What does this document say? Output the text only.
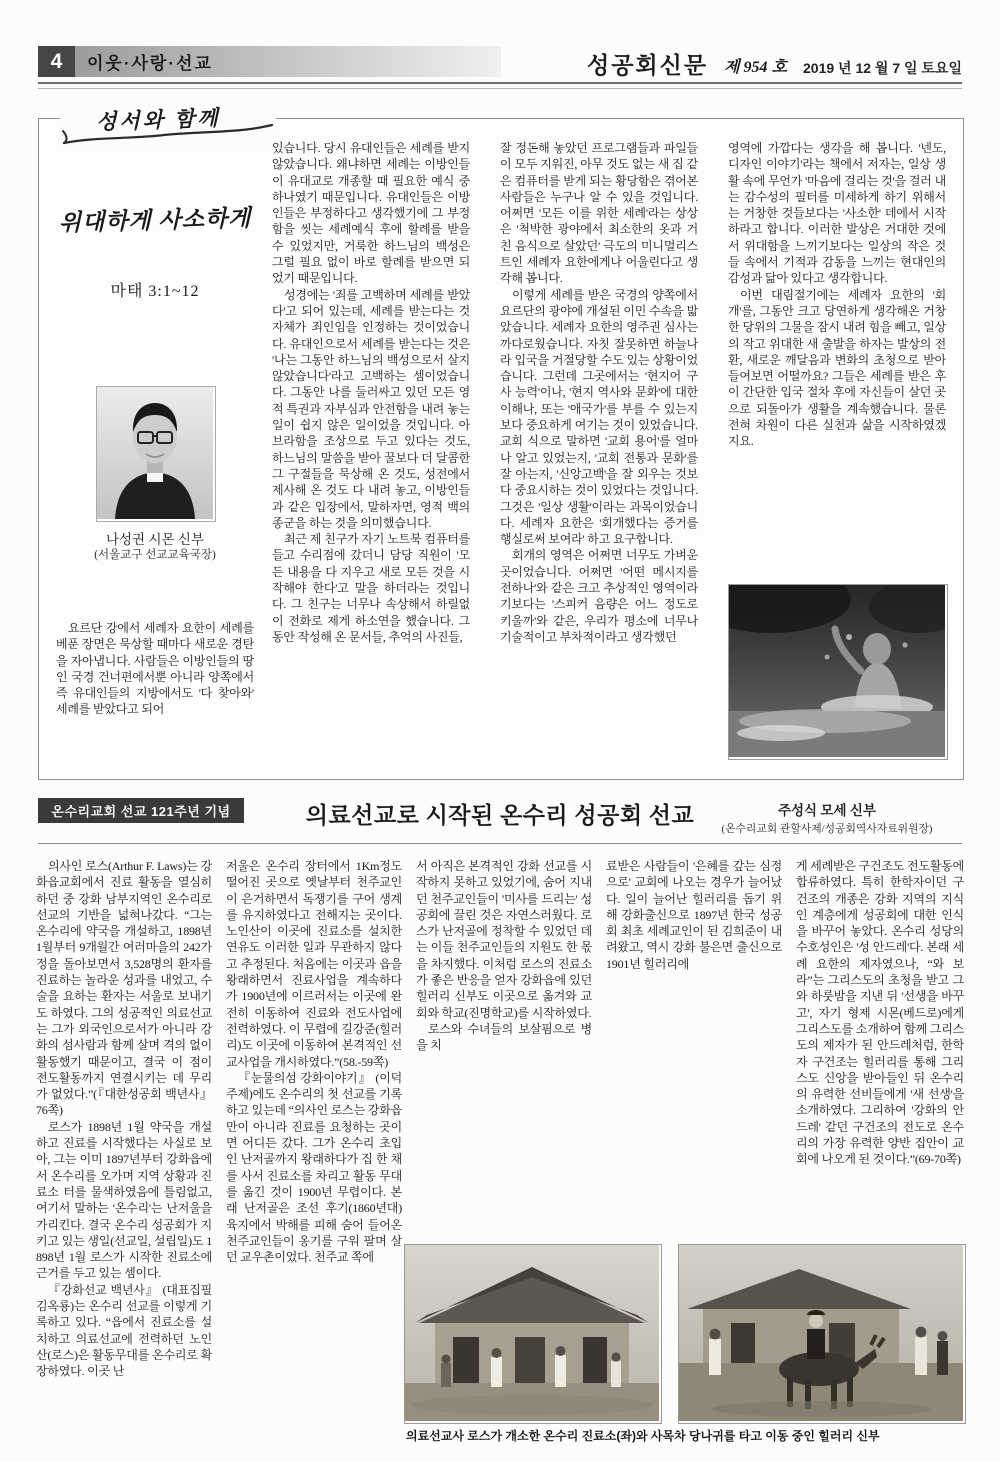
4	이웃·사랑·선교	성공회신문 제 954 호 2019 년 12 월 7 일 토요일
성서와 함께
위대하게 사소하게
마태 3:1~12
나성권 시몬 신부
(서울교구 선교교육국장)

요르단 강에서 세례자 요한이 세례를 베푼 장면은 묵상할 때마다 새로운 경탄을 자아냅니다. 사람들은 이방인들의 땅인 국경 건너편에서뿐 아니라 양쪽에서 즉 유대인들의 지방에서도 '다 찾아와' 세례를 받았다고 되어

있습니다. 당시 유대인들은 세례를 받지 않았습니다. 왜냐하면 세례는 이방인들이 유대교로 개종할 때 필요한 예식 중 하나였기 때문입니다. 유대인들은 이방인들은 부정하다고 생각했기에 그 부정함을 씻는 세례예식 후에 할례를 받을 수 있었지만, 거룩한 하느님의 백성은 그럴 필요 없이 바로 할례를 받으면 되었기 때문입니다.

성경에는 '죄를 고백하며 세례를 받았다'고 되어 있는데, 세례를 받는다는 것 자체가 죄인임을 인정하는 것이었습니다. 유대인으로서 세례를 받는다는 것은 '나는 그동안 하느님의 백성으로서 살지 않았습니다'라고 고백하는 셈이었습니다. 그동안 나를 둘러싸고 있던 모든 영적 특권과 자부심과 안전함을 내려 놓는 일이 쉽지 않은 일이었을 것입니다. 아브라함을 조상으로 두고 있다는 것도, 하느님의 말씀을 받아 꿀보다 더 달콤한 그 구절들을 묵상해 온 것도, 성전에서 제사해 온 것도 다 내려 놓고, 이방인들과 같은 입장에서, 말하자면, 영적 백의종군을 하는 것을 의미했습니다.

최근 제 친구가 자기 노트북 컴퓨터를 들고 수리점에 갔더니 담당 직원이 '모든 내용을 다 지우고 새로 모든 것을 시작해야 한다'고 말을 하더라는 것입니다. 그 친구는 너무나 속상해서 하릴없이 전화로 제게 하소연을 했습니다. 그동안 작성해 온 문서들, 추억의 사진들,

잘 정돈해 놓았던 프로그램들과 파일들이 모두 지워진, 아무 것도 없는 새 집 같은 컴퓨터를 받게 되는 황당함은 겪어본 사람들은 누구나 알 수 있을 것입니다. 어쩌면 '모든 이를 위한 세례'라는 상상은 '척박한 광야에서 최소한의 옷과 거친 음식으로 살았던' 극도의 미니멀리스트인 세례자 요한에게나 어울린다고 생각해 봅니다.

이렇게 세례를 받은 국경의 양쪽에서 요르단의 광야에 개설된 이민 수속을 밟았습니다. 세례자 요한의 영주권 심사는 까다로웠습니다. 자칫 잘못하면 하늘나라 입국을 거절당할 수도 있는 상황이었습니다. 그런데 그곳에서는 '현지어 구사 능력'이나, '현지 역사와 문화'에 대한 이해나, 또는 '애국가'를 부를 수 있는지보다 중요하게 여기는 것이 있었습니다. 교회 식으로 말하면 '교회 용어'를 얼마나 알고 있었는지, '교회 전통과 문화'를 잘 아는지, '신앙고백'을 잘 외우는 것보다 중요시하는 것이 있었다는 것입니다. 그것은 '일상 생활'이라는 과목이었습니다. 세례자 요한은 '회개했다는 증거를 행실로써 보여라' 하고 요구합니다.

회개의 영역은 어쩌면 너무도 가벼운 곳이었습니다. 어쩌면 '어떤 메시지를 전하나'와 같은 크고 추상적인 영역이라기보다는 '스피커 음량은 어느 정도로 키울까'와 같은, 우리가 평소에 너무나 기술적이고 부차적이라고 생각했던

영역에 가깝다는 생각을 해 봅니다. '넨도, 디자인 이야기'라는 책에서 저자는, 일상 생활 속에 무언가 '마음에 걸리는 것'을 걸러 내는 감수성의 필터를 미세하게 하기 위해서는 거창한 것들보다는 '사소한' 데에서 시작하라고 합니다. 이러한 발상은 거대한 것에서 위대함을 느끼기보다는 일상의 작은 것들 속에서 기적과 감동을 느끼는 현대인의 감성과 닮아 있다고 생각합니다.

이번 대림절기에는 세례자 요한의 '회개'를, 그동안 크고 당연하게 생각해온 거창한 당위의 그물을 잠시 내려 힘을 빼고, 일상의 작고 위대한 새 출발을 하자는 발상의 전환, 새로운 깨달음과 변화의 초청으로 받아들여보면 어떨까요? 그들은 세례를 받은 후 이 간단한 입국 절차 후에 자신들이 살던 곳으로 되돌아가 생활을 계속했습니다. 물론 전혀 차원이 다른 실천과 삶을 시작하였겠지요.

온수리교회 선교 121주년 기념	의료선교로 시작된 온수리 성공회 선교	주성식 모세 신부
(온수리교회 관할사제/성공회역사자료위원장)

의사인 로스(Arthur F. Laws)는 강화읍교회에서 진료 활동을 열심히 하던 중 강화 남부지역인 온수리로 선교의 기반을 넓혀나갔다. “그는 온수리에 약국을 개설하고, 1898년 1월부터 9개월간 여러마을의 242가정을 돌아보면서 3,528명의 환자를 진료하는 놀라운 성과를 내었고, 수술을 요하는 환자는 서울로 보내기도 하였다. 그의 성공적인 의료선교는 그가 외국인으로서가 아니라 강화의 섬사람과 함께 살며 격의 없이 활동했기 때문이고, 결국 이 점이 전도활동까지 연결시키는 데 무리가 없었다.”(『대한성공회 백년사』 76쪽)

로스가 1898년 1월 약국을 개설하고 진료를 시작했다는 사실로 보아, 그는 이미 1897년부터 강화읍에서 온수리를 오가며 지역 상황과 진료소 터를 물색하였음에 틀림없고, 여기서 말하는 '온수리'는 난저울을 가리킨다. 결국 온수리 성공회가 지키고 있는 생일(선교일, 설립일)도 1898년 1월 로스가 시작한 진료소에 근거를 두고 있는 셈이다.

『강화선교 백년사』 (대표집필 김옥룡)는 온수리 선교를 이렇게 기록하고 있다. “읍에서 진료소를 설치하고 의료선교에 전력하던 노인산(로스)은 활동무대를 온수리로 확장하였다. 이곳 난

저울은 온수리 장터에서 1Km정도 떨어진 곳으로 옛날부터 천주교인이 은거하면서 독쟁기를 구어 생계를 유지하였다고 전해지는 곳이다. 노인산이 이곳에 진료소를 설치한 연유도 이러한 일과 무관하지 않다고 추정된다. 처음에는 이곳과 읍을 왕래하면서 진료사업을 계속하다가 1900년에 이르러서는 이곳에 완전히 이동하여 진료와 전도사업에 전력하였다. 이 무렵에 길강준(힐러리)도 이곳에 이동하여 본격적인 선교사업을 개시하였다.”(58.-59쪽)

『눈물의섬 강화이야기』 (이덕주제)에도 온수리의 첫 선교를 기록하고 있는데 “의사인 로스는 강화읍만이 아니라 진료를 요청하는 곳이면 어디든 갔다. 그가 온수리 초입인 난저골까지 왕래하다가 집 한 채를 사서 진료소를 차리고 활동 무대를 옮긴 것이 1900년 무렵이다. 본래 난저골은 조선 후기(1860년대) 육지에서 박해를 피해 숨어 들어온 천주교인들이 옹기를 구워 팔며 살던 교우촌이었다. 천주교 쪽에

서 아직은 본격적인 강화 선교를 시작하지 못하고 있었기에, 숨어 지내던 천주교인들이 '미사를 드리는' 성공회에 끌린 것은 자연스러웠다. 로스가 난저골에 정착할 수 있었던 데는 이들 천주교인들의 지원도 한 몫을 차지했다. 이처럼 로스의 진료소가 좋은 반응을 얻자 강화읍에 있던 힐러리 신부도 이곳으로 옮겨와 교회와 학교(진명학교)를 시작하였다.

로스와 수녀들의 보살핌으로 병을 치

료받은 사람들이 '은혜를 갚는 심정으로' 교회에 나오는 경우가 늘어났다. 일이 늘어난 힐러리를 돕기 위해 강화출신으로 1897년 한국 성공회 최초 세례교인이 된 김희준이 내려왔고, 역시 강화 불은면 출신으로 1901년 힐러리에

게 세례받은 구건조도 전도활동에 합류하였다. 특히 한학자이던 구건조의 개종은 강화 지역의 지식인 계층에게 성공회에 대한 인식을 바꾸어 놓았다. 온수리 성당의 수호성인은 '성 안드레'다. 본래 세례 요한의 제자였으나, “와 보라”는 그리스도의 초청을 받고 그와 하룻밤을 지낸 뒤 '선생을 바꾸고', 자기 형제 시몬(베드로)에게 그리스도를 소개하여 함께 그리스도의 제자가 된 안드레처럼, 한학자 구건조는 힐러리를 통해 그리스도 신앙을 받아들인 뒤 온수리의 유력한 선비들에게 '새 선생'을 소개하였다. 그리하여 '강화의 안드레' 같던 구건조의 전도로 온수리의 가장 유력한 양반 집안이 교회에 나오게 된 것이다.”(69-70쪽)

의료선교사 로스가 개소한 온수리 진료소(좌)와 사목차 당나귀를 타고 이동 중인 힐러리 신부
